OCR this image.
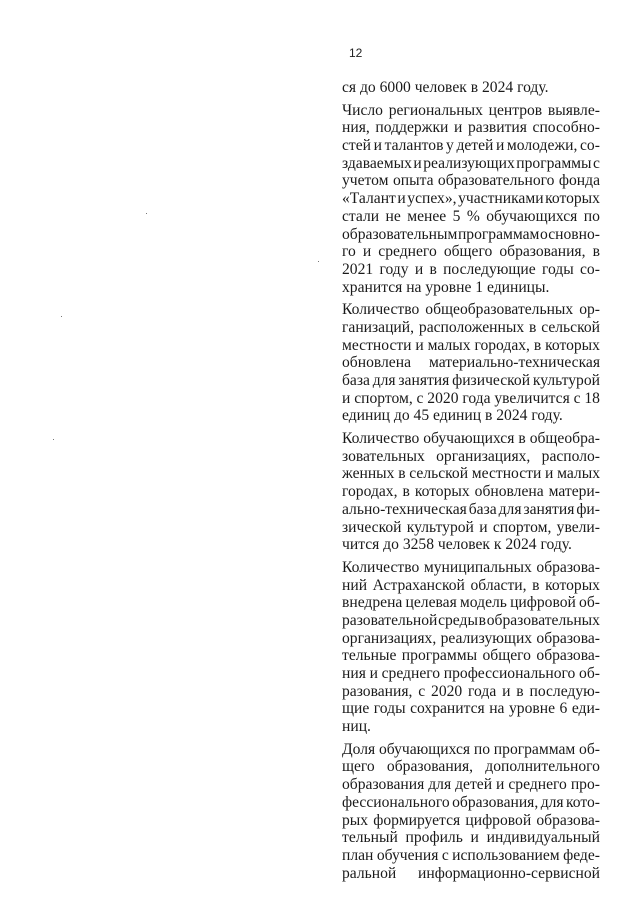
12
ся до 6000 человек в 2024 году.
Число региональных центров выявле-
ния, поддержки и развития способно-
стей и талантов у детей и молодежи, со-
здаваемых и реализующих программы с
учетом опыта образовательного фонда
«Талант и успех», участниками которых
стали не менее 5 % обучающихся по
образовательным программам основно-
го и среднего общего образования, в
2021 году и в последующие годы со-
хранится на уровне 1 единицы.
Количество общеобразовательных ор-
ганизаций, расположенных в сельской
местности и малых городах, в которых
обновлена материально-техническая
база для занятия физической культурой
и спортом, с 2020 года увеличится с 18
единиц до 45 единиц в 2024 году.
Количество обучающихся в общеобра-
зовательных организациях, располо-
женных в сельской местности и малых
городах, в которых обновлена матери-
ально-техническая база для занятия фи-
зической культурой и спортом, увели-
чится до 3258 человек к 2024 году.
Количество муниципальных образова-
ний Астраханской области, в которых
внедрена целевая модель цифровой об-
разовательной среды в образовательных
организациях, реализующих образова-
тельные программы общего образова-
ния и среднего профессионального об-
разования, с 2020 года и в последую-
щие годы сохранится на уровне 6 еди-
ниц.
Доля обучающихся по программам об-
щего образования, дополнительного
образования для детей и среднего про-
фессионального образования, для кото-
рых формируется цифровой образова-
тельный профиль и индивидуальный
план обучения с использованием феде-
ральной информационно-сервисной
